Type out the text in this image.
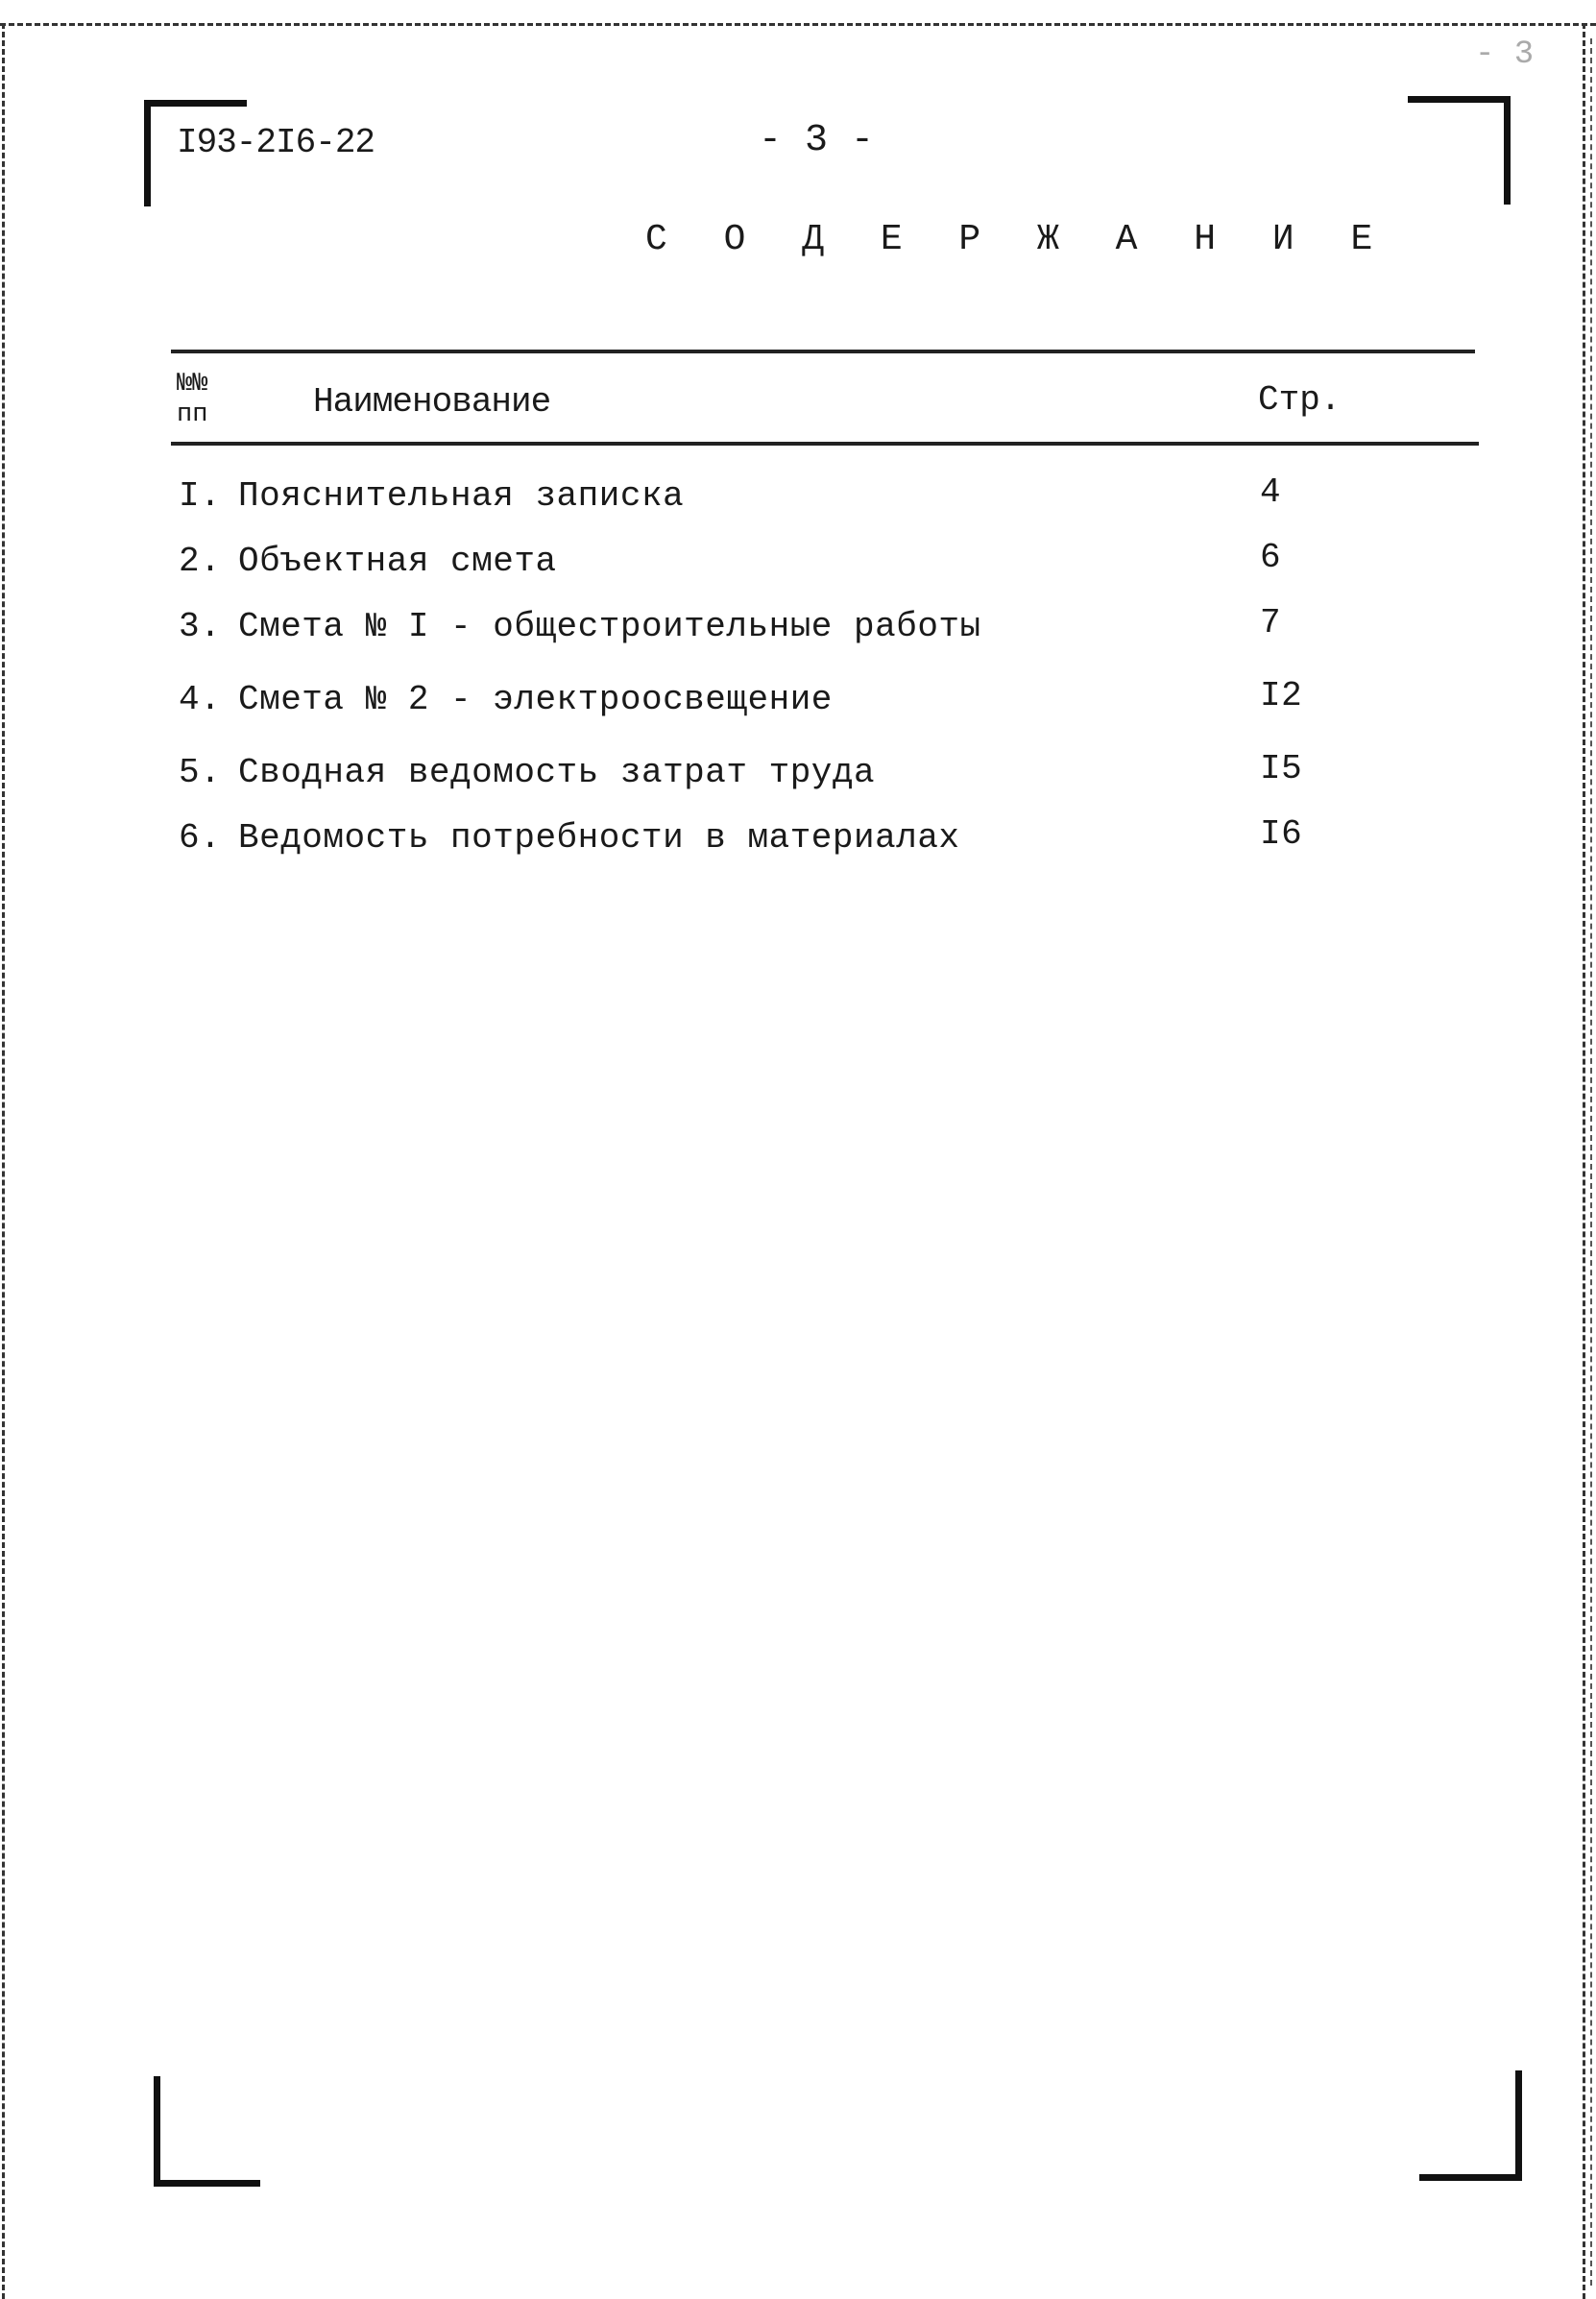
I93-2I6-22	- 3 -
- 3
С О Д Е Р Ж А Н И Е
№№
пп	Наименование	Стр.
I. Пояснительная записка	4
2. Объектная смета	6
3. Смета № I - общестроительные работы	7
4. Смета № 2 - электроосвещение	I2
5. Сводная ведомость затрат труда	I5
6. Ведомость потребности в материалах	I6
